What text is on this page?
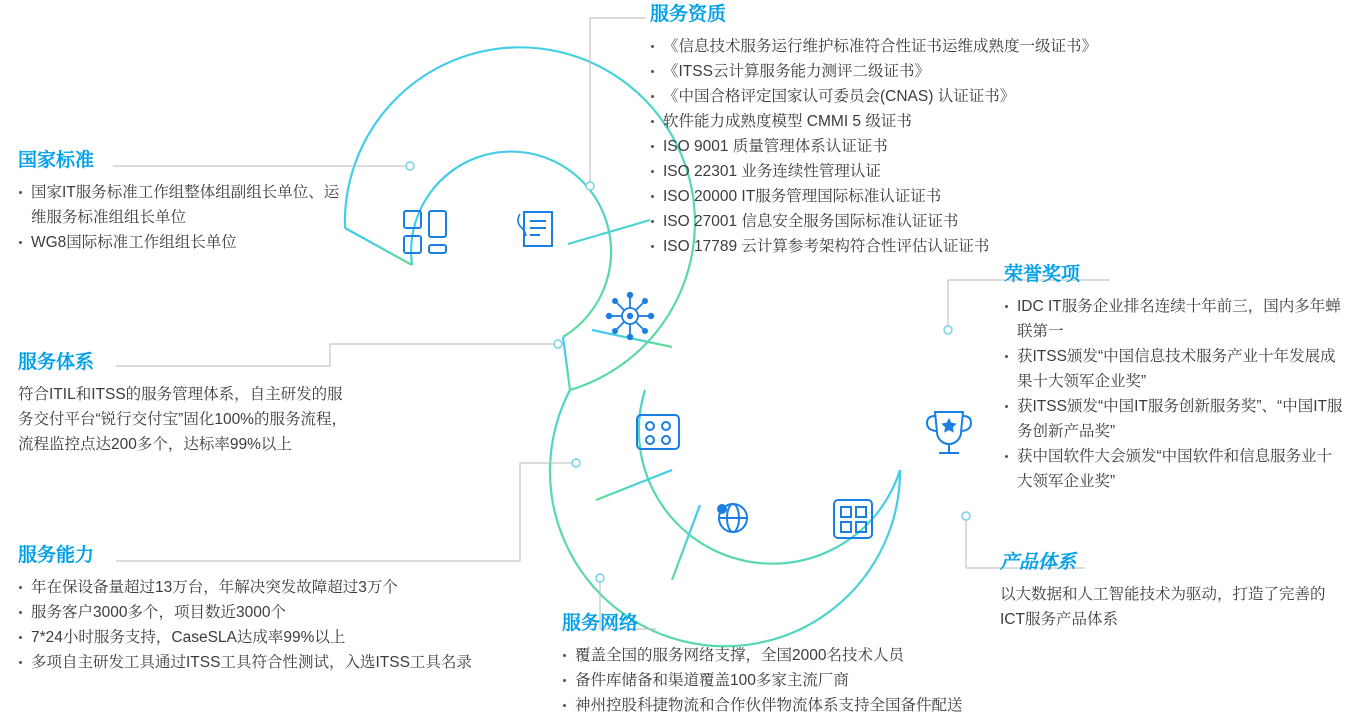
服务资质
《信息技术服务运行维护标准符合性证书运维成熟度一级证书》
《ITSS云计算服务能力测评二级证书》
《中国合格评定国家认可委员会(CNAS) 认证证书》
软件能力成熟度模型 CMMI 5 级证书
ISO 9001 质量管理体系认证证书
ISO 22301 业务连续性管理认证
ISO 20000 IT服务管理国际标准认证证书
ISO 27001 信息安全服务国际标准认证证书
ISO 17789 云计算参考架构符合性评估认证证书
国家标准
国家IT服务标准工作组整体组副组长单位、运维服务标准组组长单位
WG8国际标准工作组组长单位
服务体系
符合ITIL和ITSS的服务管理体系，自主研发的服务交付平台“锐行交付宝”固化100%的服务流程，流程监控点达200多个，达标率99%以上
服务能力
年在保设备量超过13万台，年解决突发故障超过3万个
服务客户3000多个，项目数近3000个
7*24小时服务支持，CaseSLA达成率99%以上
多项自主研发工具通过ITSS工具符合性测试，入选ITSS工具名录
荣誉奖项
IDC IT服务企业排名连续十年前三，国内多年蝉联第一
获ITSS颁发“中国信息技术服务产业十年发展成果十大领军企业奖”
获ITSS颁发“中国IT服务创新服务奖”、“中国IT服务创新产品奖”
获中国软件大会颁发“中国软件和信息服务业十大领军企业奖”
产品体系
以大数据和人工智能技术为驱动，打造了完善的ICT服务产品体系
服务网络
覆盖全国的服务网络支撑，全国2000名技术人员
备件库储备和渠道覆盖100多家主流厂商
神州控股科捷物流和合作伙伴物流体系支持全国备件配送
